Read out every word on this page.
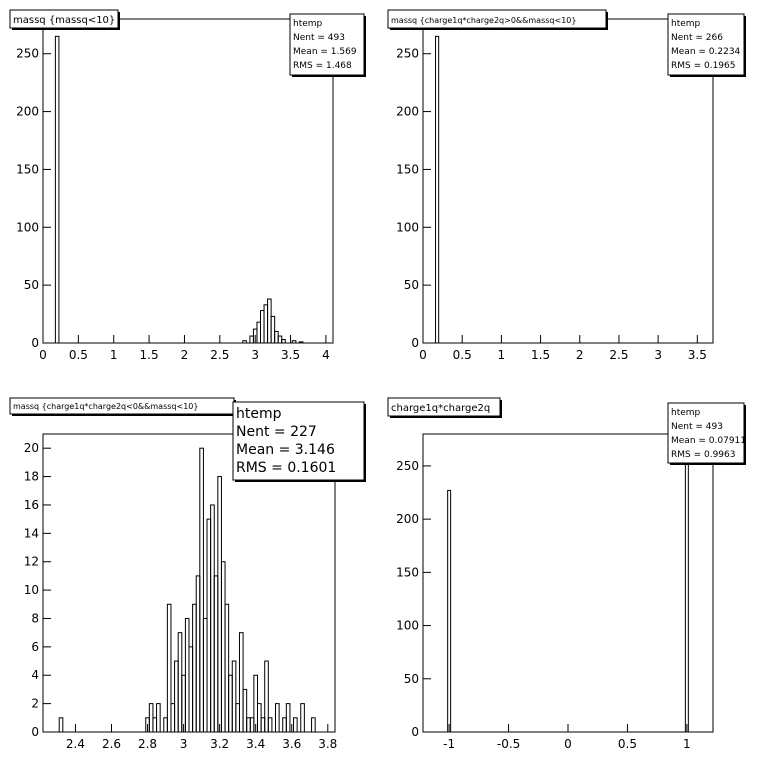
0 0.5 1 1.5 2 2.5 3 3.5 4
0
50
100
150
200
250
massq {massq<10}	htemp
Nent = 493
Mean = 1.569
RMS = 1.468
0 0.5 1 1.5 2 2.5 3 3.5
0
50
100
150
200
250
massq {charge1q*charge2q>0&&massq<10}	htemp
Nent = 266
Mean = 0.2234
RMS = 0.1965
2.4 2.6 2.8 3 3.2 3.4 3.6 3.8
0
2
4
6
8
10
12
14
16
18
20
massq {charge1q*charge2q<0&&massq<10}	htemp
Nent = 227
Mean = 3.146
RMS = 0.1601
-1	-0.5	0	0.5	1
0
50
100
150
200
250
charge1q*charge2q	htemp
Nent = 493
Mean = 0.07911
RMS = 0.9963
